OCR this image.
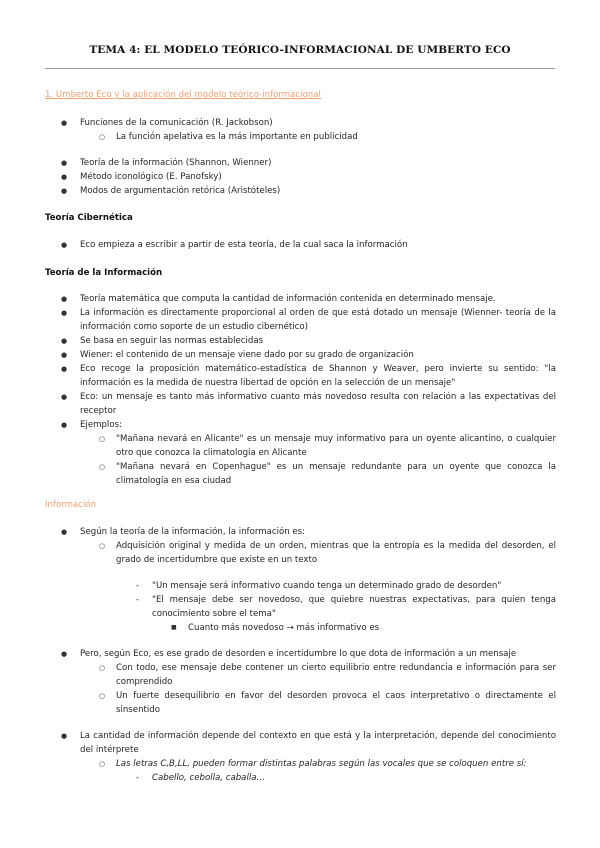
TEMA 4: EL MODELO TEÓRICO-INFORMACIONAL DE UMBERTO ECO
1. Umberto Eco y la aplicación del modelo teórico-informacional
● Funciones de la comunicación (R. Jackobson)
○ La función apelativa es la más importante en publicidad
● Teoría de la información (Shannon, Wienner)
● Método iconológico (E. Panofsky)
● Modos de argumentación retórica (Aristóteles)
Teoría Cibernética
● Eco empieza a escribir a partir de esta teoría, de la cual saca la información
Teoría de la Información
● Teoría matemática que computa la cantidad de información contenida en determinado mensaje.
● La información es directamente proporcional al orden de que está dotado un mensaje (Wienner- teoría de la información como soporte de un estudio cibernético)
● Se basa en seguir las normas establecidas
● Wiener: el contenido de un mensaje viene dado por su grado de organización
● Eco recoge la proposición matemático-estadística de Shannon y Weaver, pero invierte su sentido: "la información es la medida de nuestra libertad de opción en la selección de un mensaje"
● Eco: un mensaje es tanto más informativo cuanto más novedoso resulta con relación a las expectativas del receptor
● Ejemplos:
○ "Mañana nevará en Alicante" es un mensaje muy informativo para un oyente alicantino, o cualquier otro que conozca la climatología en Alicante
○ "Mañana nevará en Copenhague" es un mensaje redundante para un oyente que conozca la climatología en esa ciudad
Información
● Según la teoría de la información, la información es:
○ Adquisición original y medida de un orden, mientras que la entropía es la medida del desorden, el grado de incertidumbre que existe en un texto
- "Un mensaje será informativo cuando tenga un determinado grado de desorden"
- "El mensaje debe ser novedoso, que quiebre nuestras expectativas, para quien tenga conocimiento sobre el tema"
■ Cuanto más novedoso → más informativo es
● Pero, según Eco, es ese grado de desorden e incertidumbre lo que dota de información a un mensaje
○ Con todo, ese mensaje debe contener un cierto equilibrio entre redundancia e información para ser comprendido
○ Un fuerte desequilibrio en favor del desorden provoca el caos interpretativo o directamente el sinsentido
● La cantidad de información depende del contexto en que está y la interpretación, depende del conocimiento del intérprete
○ Las letras C,B,LL, pueden formar distintas palabras según las vocales que se coloquen entre sí:
- Cabello, cebolla, caballa…
